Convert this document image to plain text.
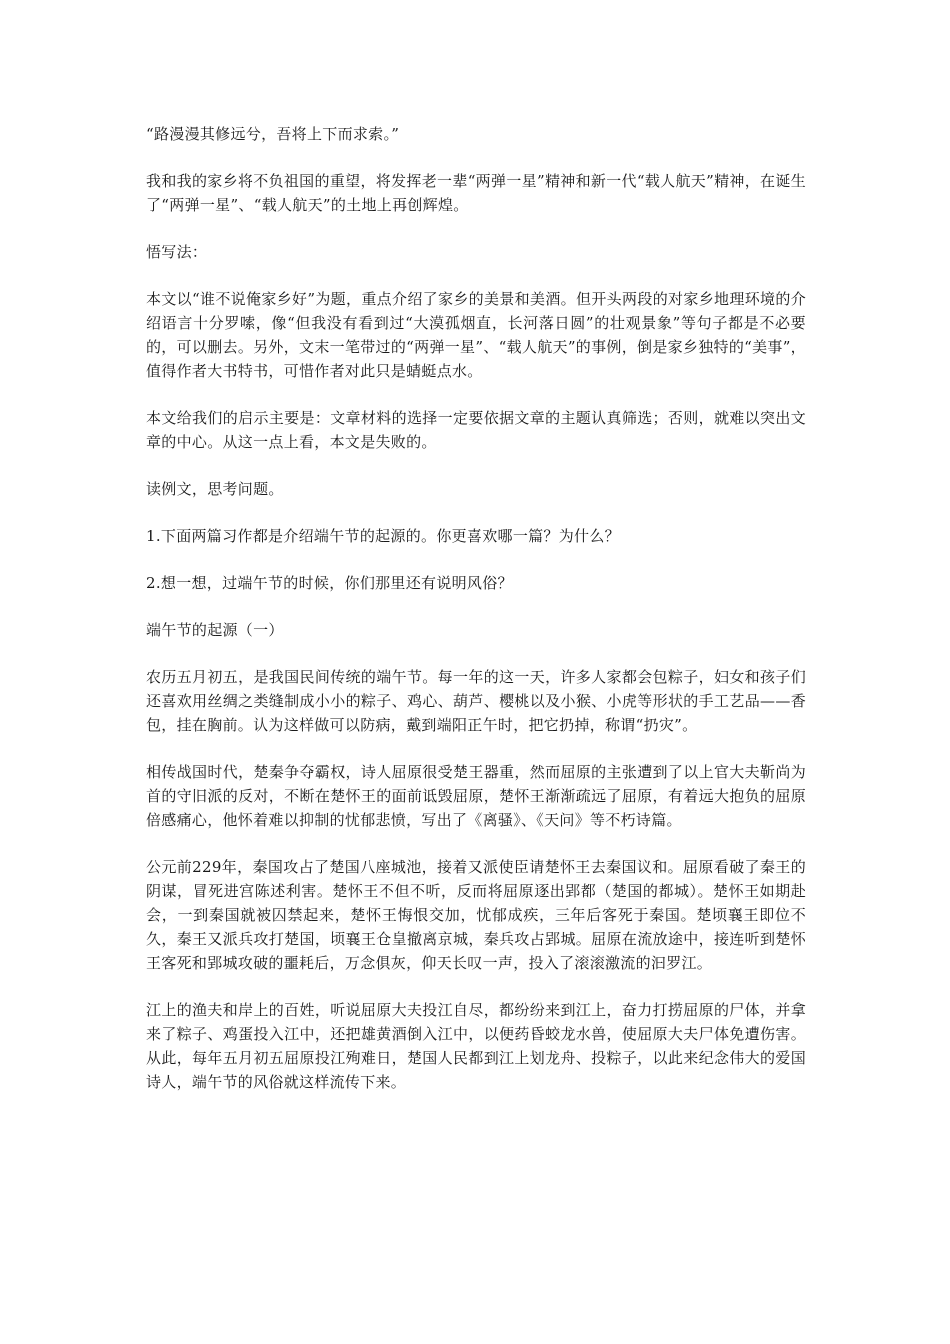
“路漫漫其修远兮，吾将上下而求索。”

我和我的家乡将不负祖国的重望，将发挥老一辈“两弹一星”精神和新一代“载人航天”精神，在诞生了“两弹一星”、“载人航天”的土地上再创辉煌。

悟写法：

本文以“谁不说俺家乡好”为题，重点介绍了家乡的美景和美酒。但开头两段的对家乡地理环境的介绍语言十分罗嗦，像“但我没有看到过“大漠孤烟直，长河落日圆”的壮观景象”等句子都是不必要的，可以删去。另外，文末一笔带过的“两弹一星”、“载人航天”的事例，倒是家乡独特的“美事”，值得作者大书特书，可惜作者对此只是蜻蜓点水。

本文给我们的启示主要是：文章材料的选择一定要依据文章的主题认真筛选；否则，就难以突出文章的中心。从这一点上看，本文是失败的。

读例文，思考问题。

1.下面两篇习作都是介绍端午节的起源的。你更喜欢哪一篇？为什么？

2.想一想，过端午节的时候，你们那里还有说明风俗？

端午节的起源（一）

农历五月初五，是我国民间传统的端午节。每一年的这一天，许多人家都会包粽子，妇女和孩子们还喜欢用丝绸之类缝制成小小的粽子、鸡心、葫芦、樱桃以及小猴、小虎等形状的手工艺品——香包，挂在胸前。认为这样做可以防病，戴到端阳正午时，把它扔掉，称谓“扔灾”。

相传战国时代，楚秦争夺霸权，诗人屈原很受楚王器重，然而屈原的主张遭到了以上官大夫靳尚为首的守旧派的反对，不断在楚怀王的面前诋毁屈原，楚怀王渐渐疏远了屈原，有着远大抱负的屈原倍感痛心，他怀着难以抑制的忧郁悲愤，写出了《离骚》、《天问》等不朽诗篇。

公元前229年，秦国攻占了楚国八座城池，接着又派使臣请楚怀王去秦国议和。屈原看破了秦王的阴谋，冒死进宫陈述利害。楚怀王不但不听，反而将屈原逐出郢都（楚国的都城）。楚怀王如期赴会，一到秦国就被囚禁起来，楚怀王悔恨交加，忧郁成疾，三年后客死于秦国。楚顷襄王即位不久，秦王又派兵攻打楚国，顷襄王仓皇撤离京城，秦兵攻占郢城。屈原在流放途中，接连听到楚怀王客死和郢城攻破的噩耗后，万念俱灰，仰天长叹一声，投入了滚滚激流的汩罗江。

江上的渔夫和岸上的百姓，听说屈原大夫投江自尽，都纷纷来到江上，奋力打捞屈原的尸体，并拿来了粽子、鸡蛋投入江中，还把雄黄酒倒入江中，以便药昏蛟龙水兽，使屈原大夫尸体免遭伤害。从此，每年五月初五屈原投江殉难日，楚国人民都到江上划龙舟、投粽子，以此来纪念伟大的爱国诗人，端午节的风俗就这样流传下来。
